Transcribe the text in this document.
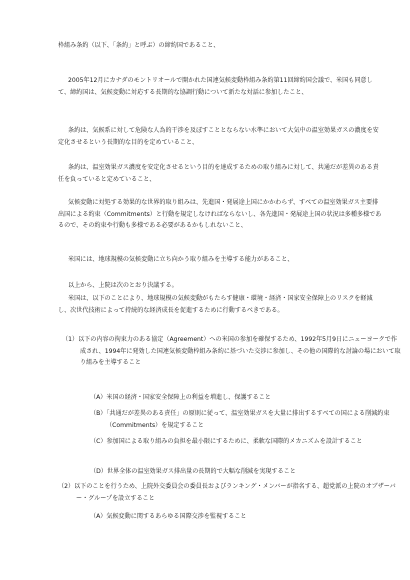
枠組み条約（以下、「条約」と呼ぶ）の締約国であること、

2005年12月にカナダのモントリオールで開かれた国連気候変動枠組み条約第11回締約国会議で、米国も同意して、締約国は、気候変動に対応する長期的な協調行動について新たな対話に参加したこと、

条約は、気候系に対して危険な人為的干渉を及ぼすこととならない水準において大気中の温室効果ガスの濃度を安定化させるという長期的な目的を定めていること、

条約は、温室効果ガス濃度を安定化させるという目的を達成するための取り組みに対して、共通だが差異のある責任を負っていると定めていること、

気候変動に対処する効果的な世界的取り組みは、先進国・発展途上国にかかわらず、すべての温室効果ガス主要排出国による約束（Commitments）と行動を規定しなければならないし、各先進国・発展途上国の状況は多種多様であるので、その約束や行動も多様である必要があるかもしれないこと、

米国には、地球規模の気候変動に立ち向かう取り組みを主導する能力があること、

以上から、上院は次のとおり決議する。

米国は、以下のことにより、地球規模の気候変動がもたらす健康・環境・経済・国家安全保障上のリスクを軽減し、次世代技術によって持続的な経済成長を促進するために行動するべきである。

（1）以下の内容の拘束力のある協定（Agreement）への米国の参加を確保するため、1992年5月9日にニューヨークで作成され、1994年に発効した国連気候変動枠組み条約に基づいた交渉に参加し、その他の国際的な討論の場において取り組みを主導すること

（A）米国の経済・国家安全保障上の利益を増進し、保護すること

（B）「共通だが差異のある責任」の原則に従って、温室効果ガスを大量に排出するすべての国による削減約束（Commitments）を規定すること

（C）参加国による取り組みの負担を最小限にするために、柔軟な国際的メカニズムを設計すること

（D）世界全体の温室効果ガス排出量の長期的で大幅な削減を実現すること

（2）以下のことを行うため、上院外交委員会の委員長およびランキング・メンバーが指名する、超党派の上院のオブザーバー・グループを設立すること

（A）気候変動に関するあらゆる国際交渉を監視すること
